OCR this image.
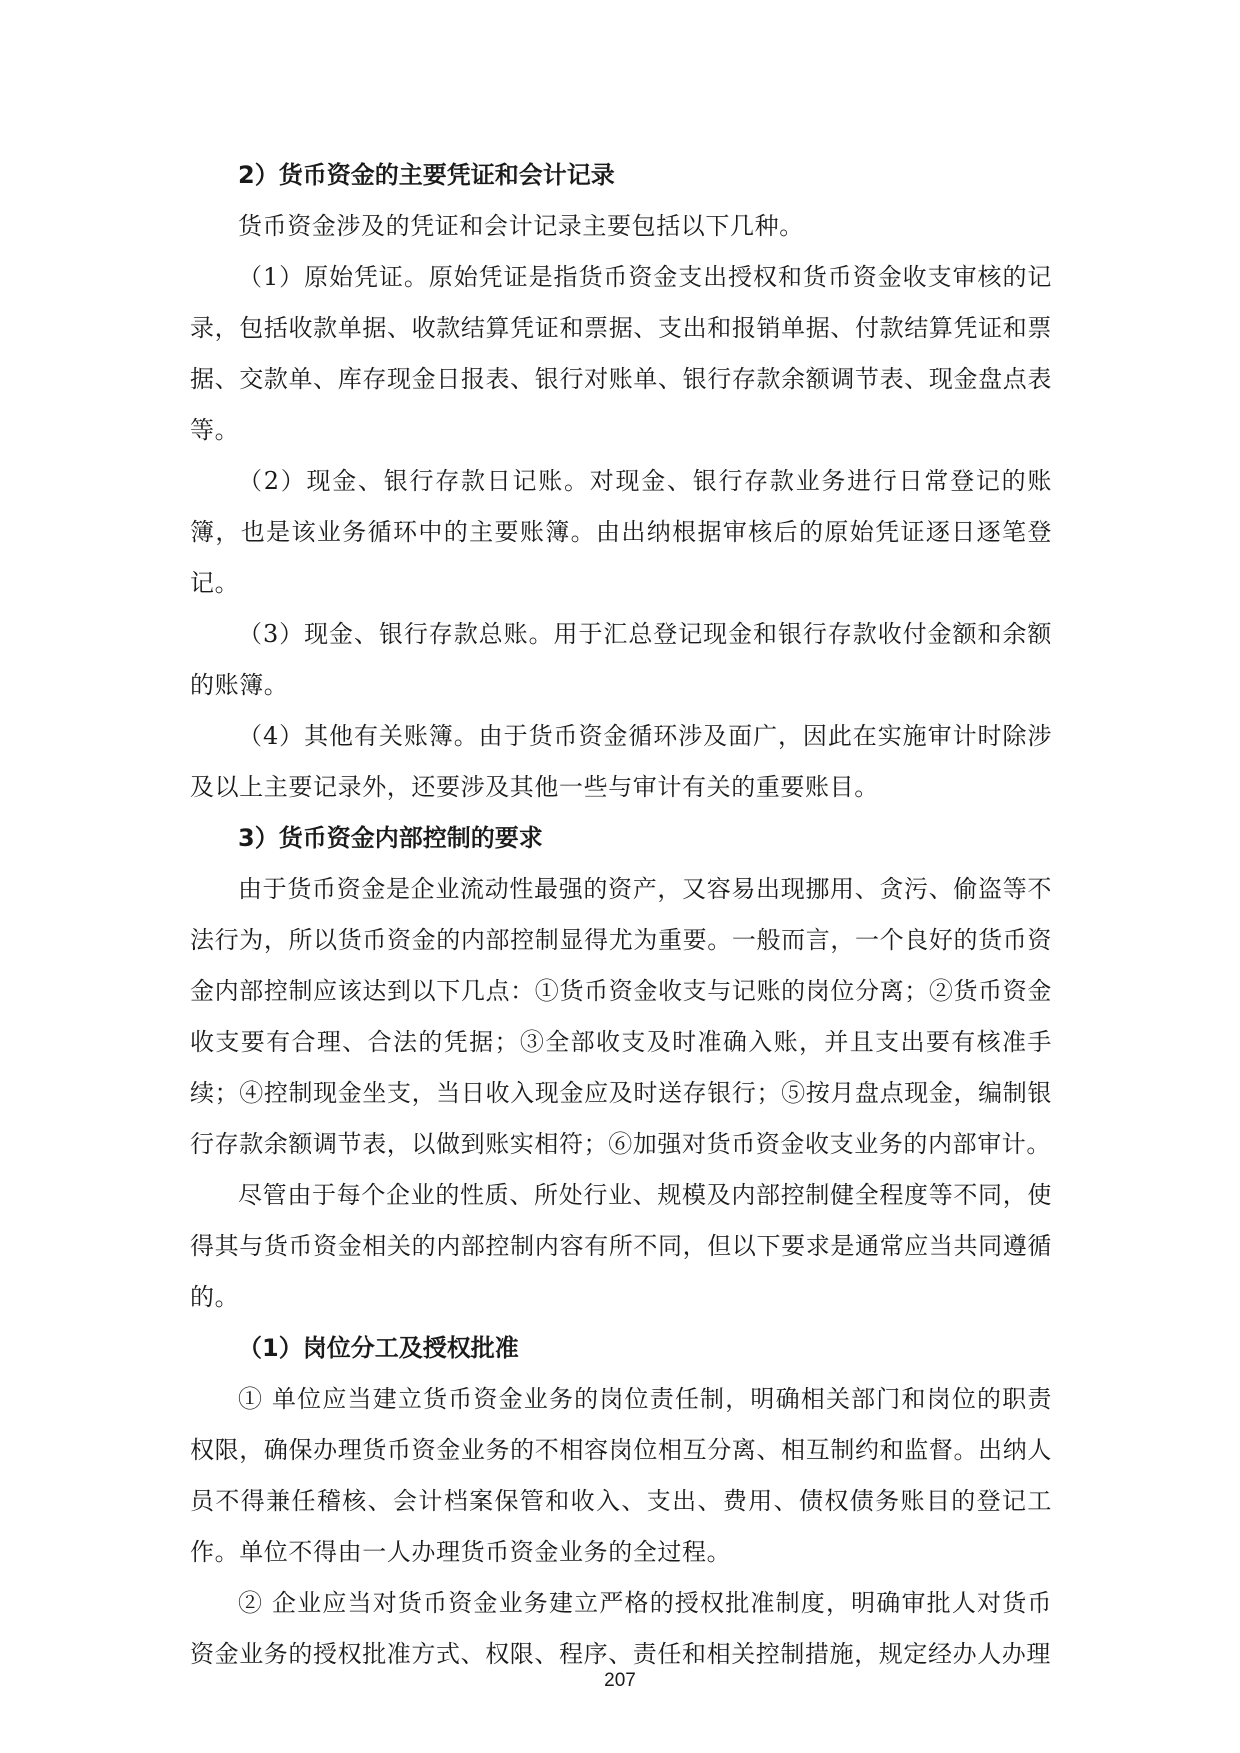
2）货币资金的主要凭证和会计记录

货币资金涉及的凭证和会计记录主要包括以下几种。

（1）原始凭证。原始凭证是指货币资金支出授权和货币资金收支审核的记录，包括收款单据、收款结算凭证和票据、支出和报销单据、付款结算凭证和票据、交款单、库存现金日报表、银行对账单、银行存款余额调节表、现金盘点表等。

（2）现金、银行存款日记账。对现金、银行存款业务进行日常登记的账簿，也是该业务循环中的主要账簿。由出纳根据审核后的原始凭证逐日逐笔登记。

（3）现金、银行存款总账。用于汇总登记现金和银行存款收付金额和余额的账簿。

（4）其他有关账簿。由于货币资金循环涉及面广，因此在实施审计时除涉及以上主要记录外，还要涉及其他一些与审计有关的重要账目。

3）货币资金内部控制的要求

由于货币资金是企业流动性最强的资产，又容易出现挪用、贪污、偷盗等不法行为，所以货币资金的内部控制显得尤为重要。一般而言，一个良好的货币资金内部控制应该达到以下几点：①货币资金收支与记账的岗位分离；②货币资金收支要有合理、合法的凭据；③全部收支及时准确入账，并且支出要有核准手续；④控制现金坐支，当日收入现金应及时送存银行；⑤按月盘点现金，编制银行存款余额调节表，以做到账实相符；⑥加强对货币资金收支业务的内部审计。

尽管由于每个企业的性质、所处行业、规模及内部控制健全程度等不同，使得其与货币资金相关的内部控制内容有所不同，但以下要求是通常应当共同遵循的。

（1）岗位分工及授权批准

① 单位应当建立货币资金业务的岗位责任制，明确相关部门和岗位的职责权限，确保办理货币资金业务的不相容岗位相互分离、相互制约和监督。出纳人员不得兼任稽核、会计档案保管和收入、支出、费用、债权债务账目的登记工作。单位不得由一人办理货币资金业务的全过程。

② 企业应当对货币资金业务建立严格的授权批准制度，明确审批人对货币资金业务的授权批准方式、权限、程序、责任和相关控制措施，规定经办人办理

207
